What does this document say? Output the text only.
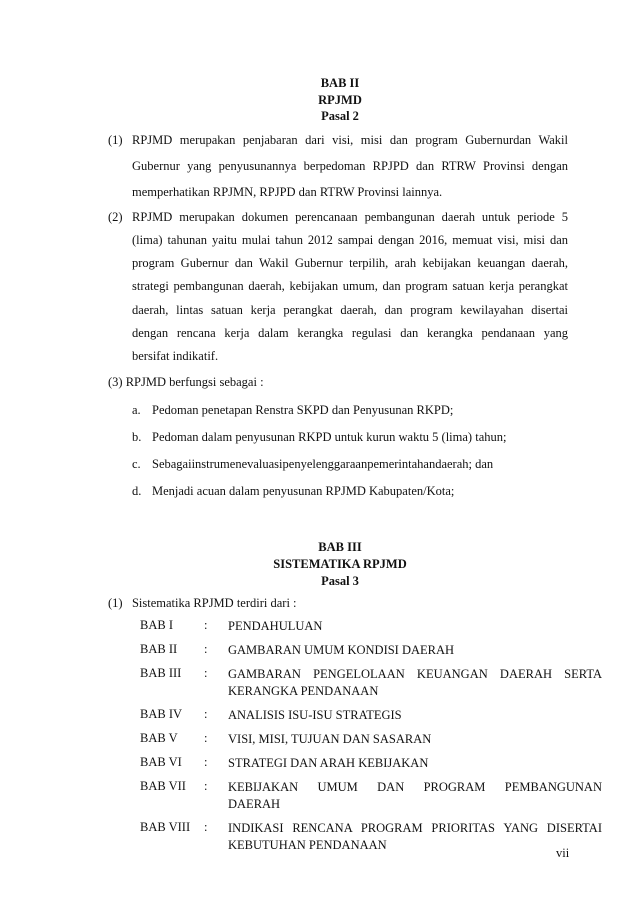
BAB II
RPJMD
Pasal 2
(1) RPJMD merupakan penjabaran dari visi, misi dan program Gubernurdan Wakil
Gubernur yang penyusunannya berpedoman RPJPD dan RTRW Provinsi dengan
memperhatikan RPJMN, RPJPD dan RTRW Provinsi lainnya.
(2) RPJMD merupakan dokumen perencanaan pembangunan daerah untuk periode 5
(lima) tahunan yaitu mulai tahun 2012 sampai dengan 2016, memuat visi, misi dan
program Gubernur dan Wakil Gubernur terpilih, arah kebijakan keuangan daerah,
strategi pembangunan daerah, kebijakan umum, dan program satuan kerja perangkat
daerah, lintas satuan kerja perangkat daerah, dan program kewilayahan disertai
dengan rencana kerja dalam kerangka regulasi dan kerangka pendanaan yang
bersifat indikatif.
(3) RPJMD berfungsi sebagai :
a. Pedoman penetapan Renstra SKPD dan Penyusunan RKPD;
b. Pedoman dalam penyusunan RKPD untuk kurun waktu 5 (lima) tahun;
c. Sebagaiinstrumenevaluasipenyelenggaraanpemerintahandaerah; dan
d. Menjadi acuan dalam penyusunan RPJMD Kabupaten/Kota;
BAB III
SISTEMATIKA RPJMD
Pasal 3
(1)   Sistematika RPJMD terdiri dari :
BAB I : PENDAHULUAN
BAB II : GAMBARAN UMUM KONDISI DAERAH
BAB III : GAMBARAN PENGELOLAAN KEUANGAN DAERAH SERTA
KERANGKA PENDANAAN
BAB IV : ANALISIS ISU-ISU STRATEGIS
BAB V : VISI, MISI, TUJUAN DAN SASARAN
BAB VI : STRATEGI DAN ARAH KEBIJAKAN
BAB VII : KEBIJAKAN UMUM DAN PROGRAM PEMBANGUNAN
DAERAH
BAB VIII : INDIKASI RENCANA PROGRAM PRIORITAS YANG DISERTAI
KEBUTUHAN PENDANAAN
vii
